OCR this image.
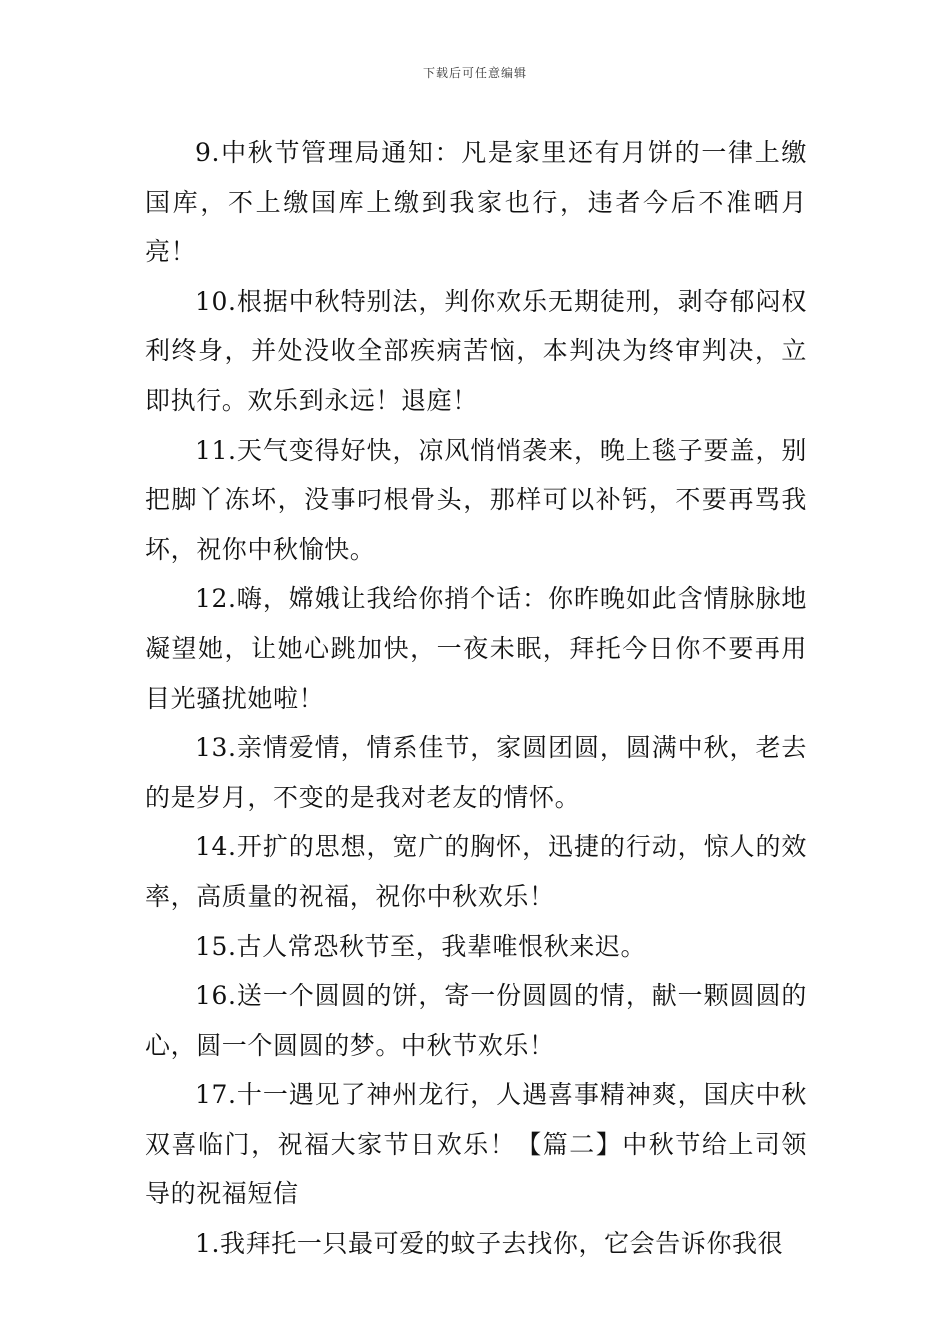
下载后可任意编辑

9.中秋节管理局通知：凡是家里还有月饼的一律上缴国库，不上缴国库上缴到我家也行，违者今后不准晒月亮！

10.根据中秋特别法，判你欢乐无期徒刑，剥夺郁闷权利终身，并处没收全部疾病苦恼，本判决为终审判决，立即执行。欢乐到永远！退庭！

11.天气变得好快，凉风悄悄袭来，晚上毯子要盖，别把脚丫冻坏，没事叼根骨头，那样可以补钙，不要再骂我坏，祝你中秋愉快。

12.嗨，嫦娥让我给你捎个话：你昨晚如此含情脉脉地凝望她，让她心跳加快，一夜未眠，拜托今日你不要再用目光骚扰她啦！

13.亲情爱情，情系佳节，家圆团圆，圆满中秋，老去的是岁月，不变的是我对老友的情怀。

14.开扩的思想，宽广的胸怀，迅捷的行动，惊人的效率，高质量的祝福，祝你中秋欢乐！

15.古人常恐秋节至，我辈唯恨秋来迟。

16.送一个圆圆的饼，寄一份圆圆的情，献一颗圆圆的心，圆一个圆圆的梦。中秋节欢乐！

17.十一遇见了神州龙行，人遇喜事精神爽，国庆中秋双喜临门，祝福大家节日欢乐！【篇二】中秋节给上司领导的祝福短信

1.我拜托一只最可爱的蚊子去找你，它会告诉你我很
